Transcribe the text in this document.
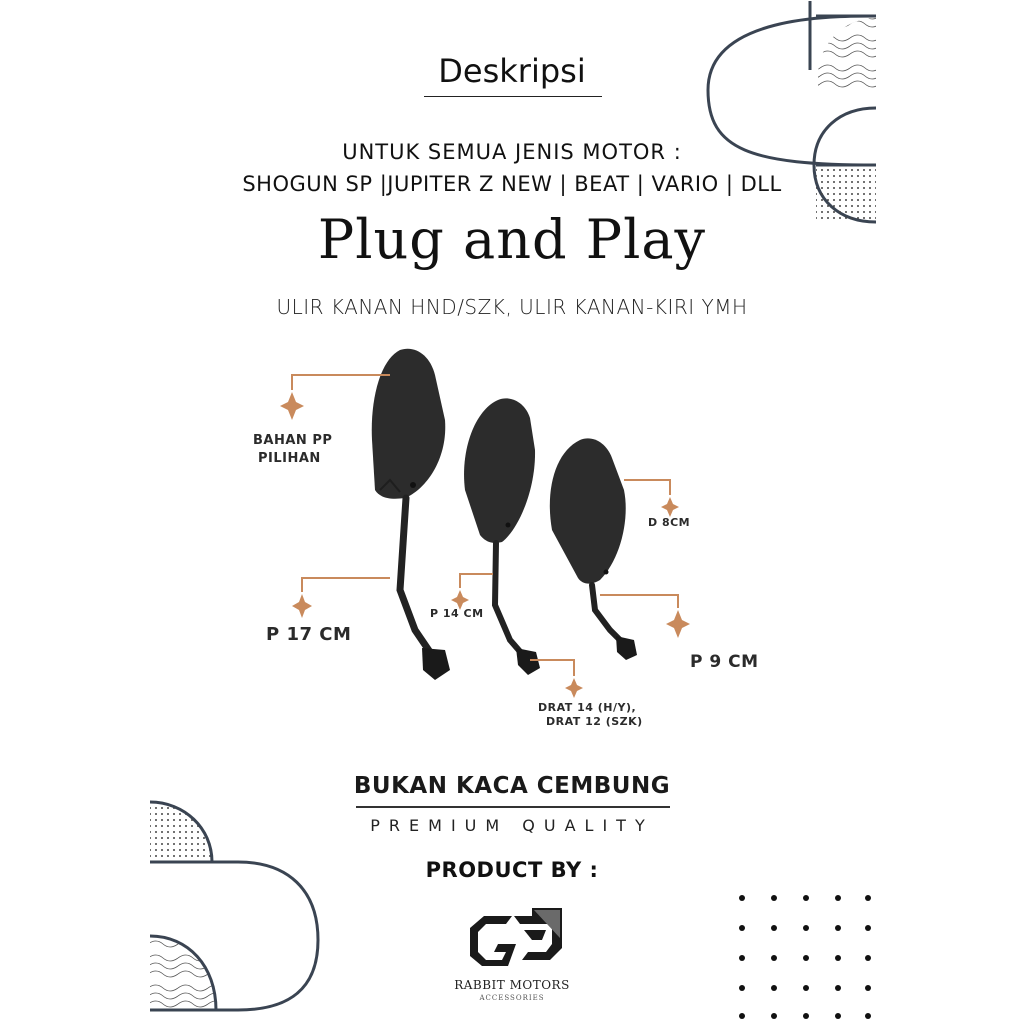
Deskripsi
UNTUK SEMUA JENIS MOTOR :
SHOGUN SP |JUPITER Z NEW | BEAT | VARIO | DLL
Plug and Play
ULIR KANAN HND/SZK, ULIR KANAN-KIRI YMH
BAHAN PP
PILIHAN
P 17 CM
P 14 CM
D 8CM
P 9 CM
DRAT 14 (H/Y),
DRAT 12 (SZK)
BUKAN KACA CEMBUNG
PREMIUM QUALITY
PRODUCT BY :
RABBIT MOTORS
ACCESSORIES
